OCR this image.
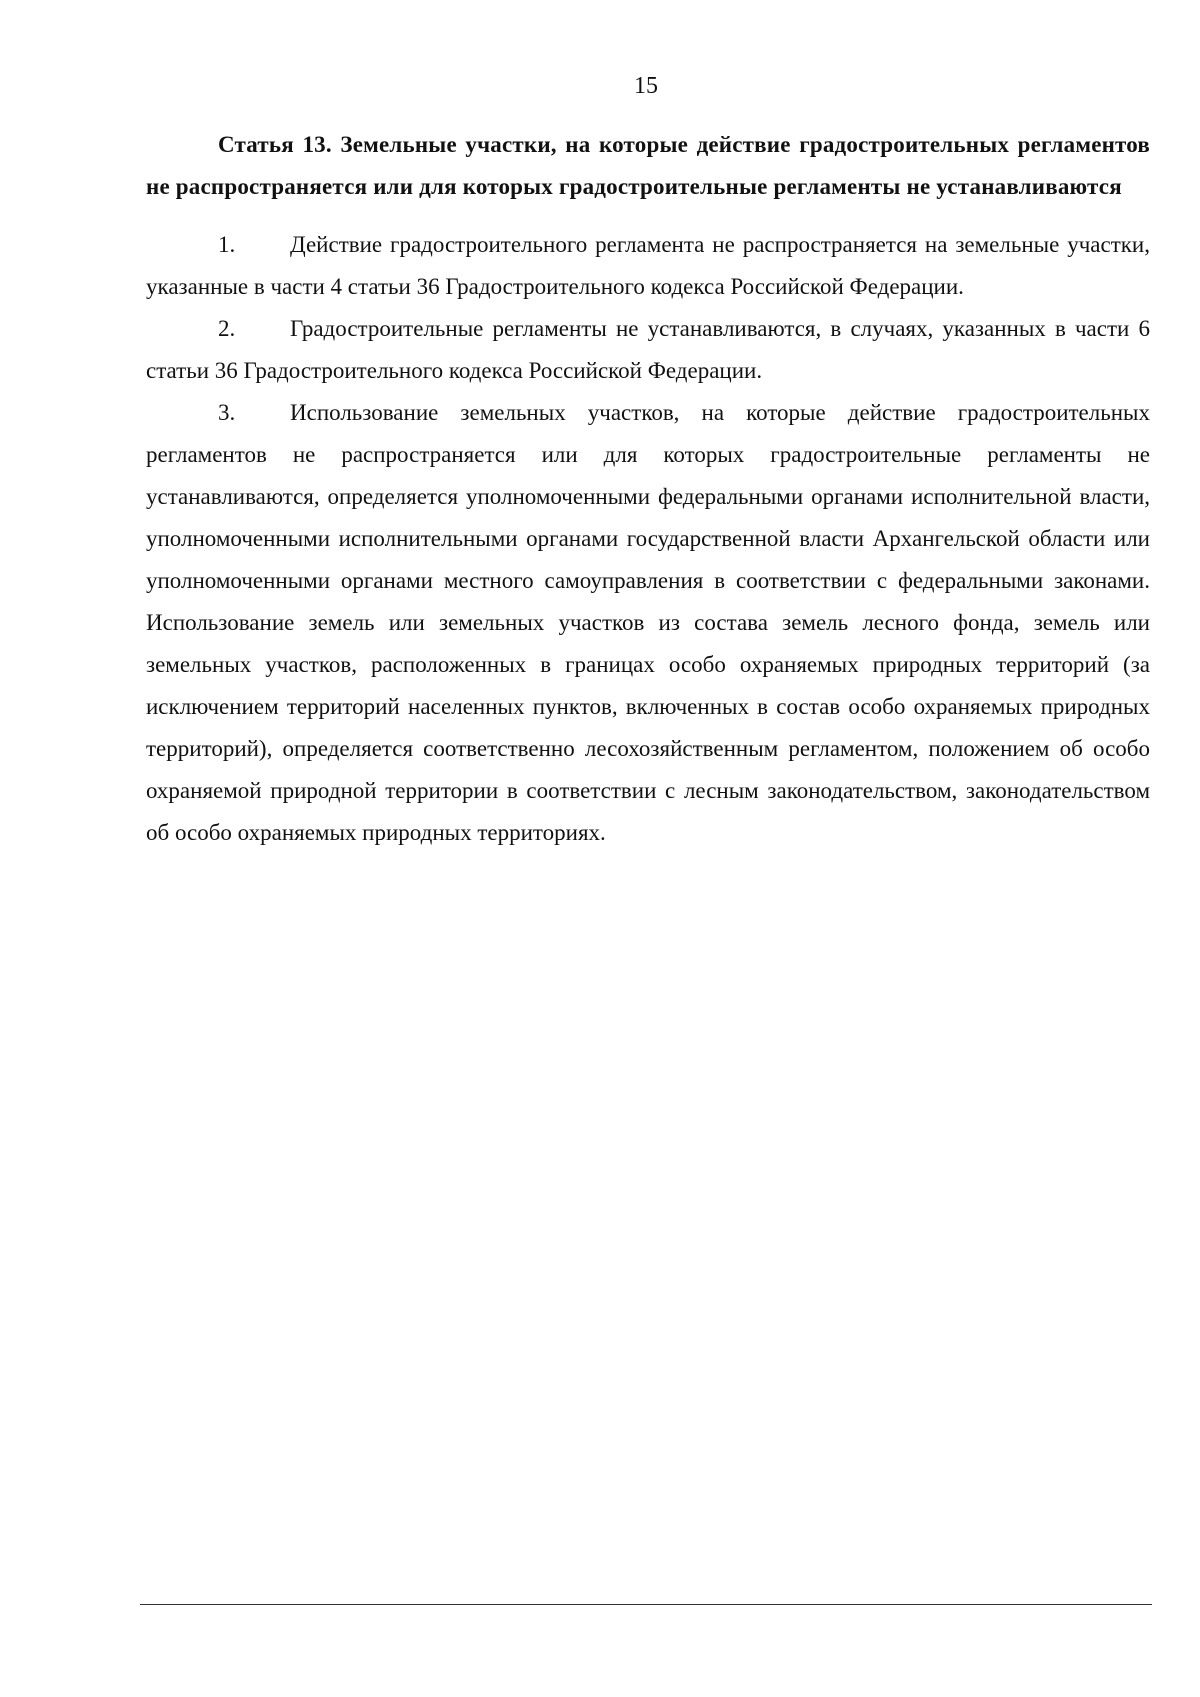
15

Статья 13. Земельные участки, на которые действие градостроительных регламентов не распространяется или для которых градостроительные регламенты не устанавливаются

1. Действие градостроительного регламента не распространяется на земельные участки, указанные в части 4 статьи 36 Градостроительного кодекса Российской Федерации.

2. Градостроительные регламенты не устанавливаются, в случаях, указанных в части 6 статьи 36 Градостроительного кодекса Российской Федерации.

3. Использование земельных участков, на которые действие градостроительных регламентов не распространяется или для которых градостроительные регламенты не устанавливаются, определяется уполномоченными федеральными органами исполнительной власти, уполномоченными исполнительными органами государственной власти Архангельской области или уполномоченными органами местного самоуправления в соответствии с федеральными законами. Использование земель или земельных участков из состава земель лесного фонда, земель или земельных участков, расположенных в границах особо охраняемых природных территорий (за исключением территорий населенных пунктов, включенных в состав особо охраняемых природных территорий), определяется соответственно лесохозяйственным регламентом, положением об особо охраняемой природной территории в соответствии с лесным законодательством, законодательством об особо охраняемых природных территориях.
